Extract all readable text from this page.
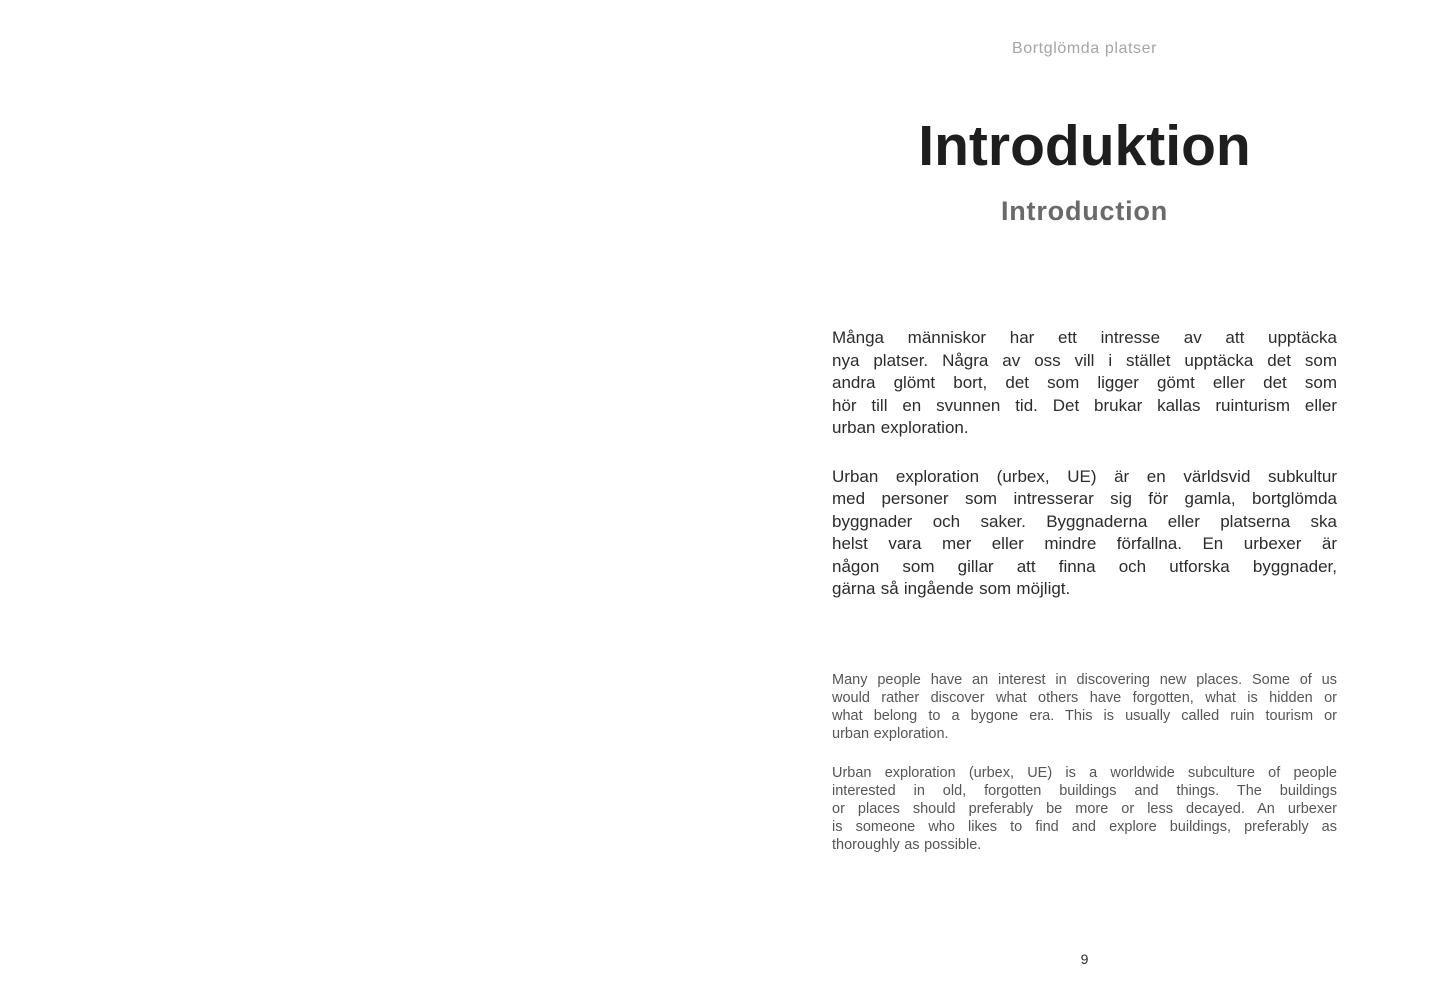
Bortglömda platser
Introduktion
Introduction
Många människor har ett intresse av att upptäcka
nya platser. Några av oss vill i stället upptäcka det som
andra glömt bort, det som ligger gömt eller det som
hör till en svunnen tid. Det brukar kallas ruinturism eller
urban exploration.
Urban exploration (urbex, UE) är en världsvid subkultur
med personer som intresserar sig för gamla, bortglömda
byggnader och saker. Byggnaderna eller platserna ska
helst vara mer eller mindre förfallna. En urbexer är
någon som gillar att finna och utforska byggnader,
gärna så ingående som möjligt.
Many people have an interest in discovering new places. Some of us
would rather discover what others have forgotten, what is hidden or
what belong to a bygone era. This is usually called ruin tourism or
urban exploration.
Urban exploration (urbex, UE) is a worldwide subculture of people
interested in old, forgotten buildings and things. The buildings
or places should preferably be more or less decayed. An urbexer
is someone who likes to find and explore buildings, preferably as
thoroughly as possible.
9
